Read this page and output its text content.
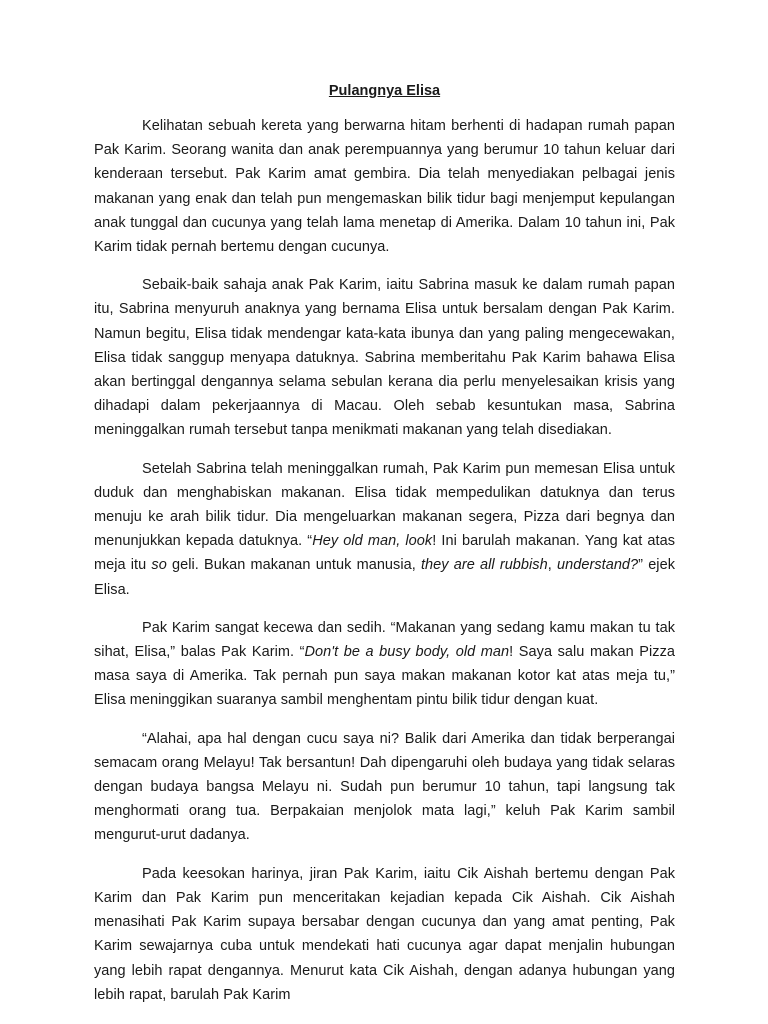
Pulangnya Elisa

Kelihatan sebuah kereta yang berwarna hitam berhenti di hadapan rumah papan Pak Karim. Seorang wanita dan anak perempuannya yang berumur 10 tahun keluar dari kenderaan tersebut. Pak Karim amat gembira. Dia telah menyediakan pelbagai jenis makanan yang enak dan telah pun mengemaskan bilik tidur bagi menjemput kepulangan anak tunggal dan cucunya yang telah lama menetap di Amerika. Dalam 10 tahun ini, Pak Karim tidak pernah bertemu dengan cucunya.

Sebaik-baik sahaja anak Pak Karim, iaitu Sabrina masuk ke dalam rumah papan itu, Sabrina menyuruh anaknya yang bernama Elisa untuk bersalam dengan Pak Karim. Namun begitu, Elisa tidak mendengar kata-kata ibunya dan yang paling mengecewakan, Elisa tidak sanggup menyapa datuknya. Sabrina memberitahu Pak Karim bahawa Elisa akan bertinggal dengannya selama sebulan kerana dia perlu menyelesaikan krisis yang dihadapi dalam pekerjaannya di Macau. Oleh sebab kesuntukan masa, Sabrina meninggalkan rumah tersebut tanpa menikmati makanan yang telah disediakan.

Setelah Sabrina telah meninggalkan rumah, Pak Karim pun memesan Elisa untuk duduk dan menghabiskan makanan. Elisa tidak mempedulikan datuknya dan terus menuju ke arah bilik tidur. Dia mengeluarkan makanan segera, Pizza dari begnya dan menunjukkan kepada datuknya. “Hey old man, look! Ini barulah makanan. Yang kat atas meja itu so geli. Bukan makanan untuk manusia, they are all rubbish, understand?” ejek Elisa.

Pak Karim sangat kecewa dan sedih. “Makanan yang sedang kamu makan tu tak sihat, Elisa,” balas Pak Karim. “Don't be a busy body, old man! Saya salu makan Pizza masa saya di Amerika. Tak pernah pun saya makan makanan kotor kat atas meja tu,” Elisa meninggikan suaranya sambil menghentam pintu bilik tidur dengan kuat.

“Alahai, apa hal dengan cucu saya ni? Balik dari Amerika dan tidak berperangai semacam orang Melayu! Tak bersantun! Dah dipengaruhi oleh budaya yang tidak selaras dengan budaya bangsa Melayu ni. Sudah pun berumur 10 tahun, tapi langsung tak menghormati orang tua. Berpakaian menjolok mata lagi,” keluh Pak Karim sambil mengurut-urut dadanya.

Pada keesokan harinya, jiran Pak Karim, iaitu Cik Aishah bertemu dengan Pak Karim dan Pak Karim pun menceritakan kejadian kepada Cik Aishah. Cik Aishah menasihati Pak Karim supaya bersabar dengan cucunya dan yang amat penting, Pak Karim sewajarnya cuba untuk mendekati hati cucunya agar dapat menjalin hubungan yang lebih rapat dengannya. Menurut kata Cik Aishah, dengan adanya hubungan yang lebih rapat, barulah Pak Karim
